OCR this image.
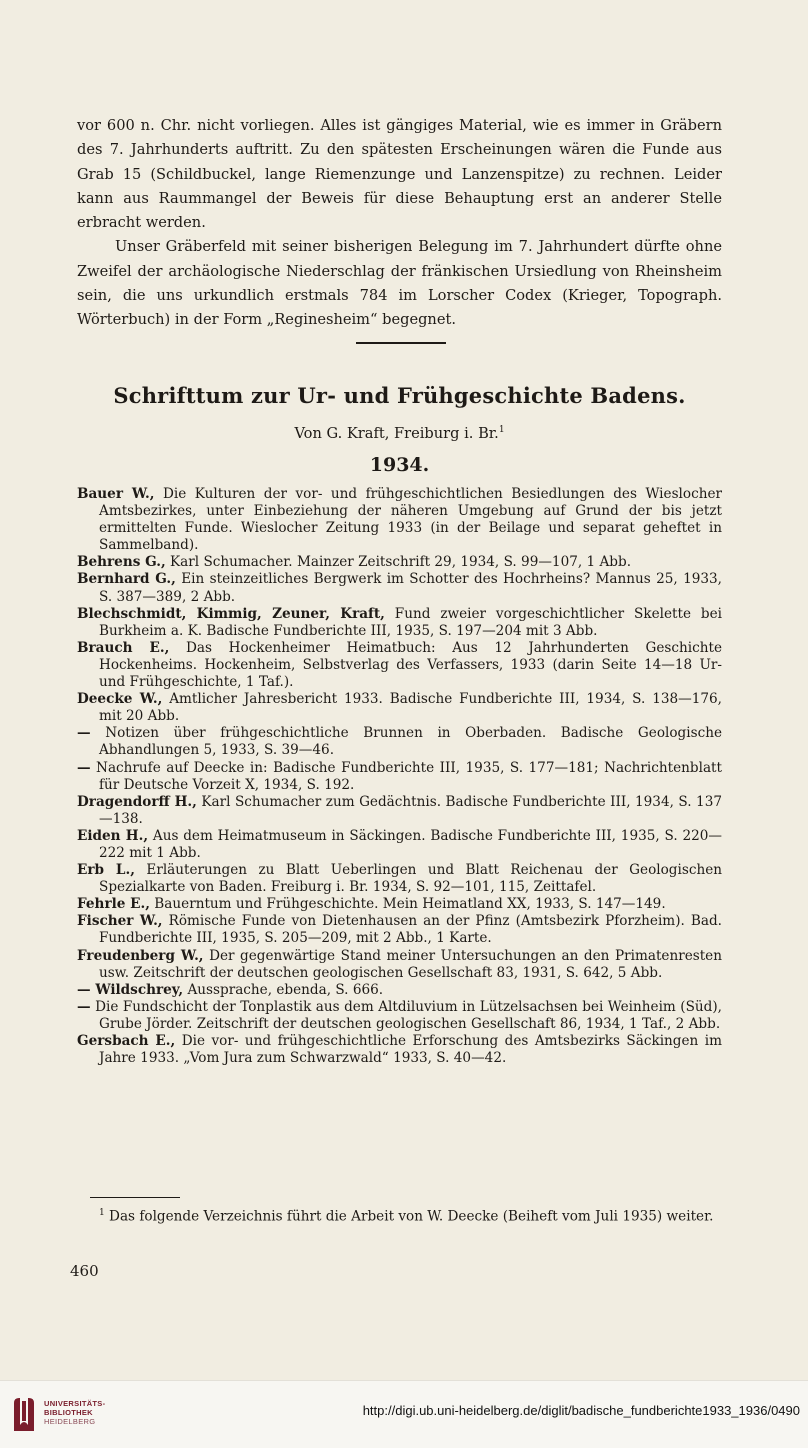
vor 600 n. Chr. nicht vorliegen. Alles ist gängiges Material, wie es immer in Gräbern des 7. Jahrhunderts auftritt. Zu den spätesten Erscheinungen wären die Funde aus Grab 15 (Schildbuckel, lange Riemenzunge und Lanzenspitze) zu rechnen. Leider kann aus Raummangel der Beweis für diese Behauptung erst an anderer Stelle erbracht werden.

Unser Gräberfeld mit seiner bisherigen Belegung im 7. Jahrhundert dürfte ohne Zweifel der archäologische Niederschlag der fränkischen Ursiedlung von Rheinsheim sein, die uns urkundlich erstmals 784 im Lorscher Codex (Krieger, Topograph. Wörterbuch) in der Form „Reginesheim“ begegnet.

Schrifttum zur Ur- und Frühgeschichte Badens.
Von G. Kraft, Freiburg i. Br.$^1$
1934.

Bauer W., Die Kulturen der vor- und frühgeschichtlichen Besiedlungen des Wieslocher Amtsbezirkes, unter Einbeziehung der näheren Umgebung auf Grund der bis jetzt ermittelten Funde. Wieslocher Zeitung 1933 (in der Beilage und separat geheftet in Sammelband).

Behrens G., Karl Schumacher. Mainzer Zeitschrift 29, 1934, S. 99—107, 1 Abb.

Bernhard G., Ein steinzeitliches Bergwerk im Schotter des Hochrheins? Mannus 25, 1933, S. 387—389, 2 Abb.

Blechschmidt, Kimmig, Zeuner, Kraft, Fund zweier vorgeschichtlicher Skelette bei Burkheim a. K. Badische Fundberichte III, 1935, S. 197—204 mit 3 Abb.

Brauch E., Das Hockenheimer Heimatbuch: Aus 12 Jahrhunderten Geschichte Hockenheims. Hockenheim, Selbstverlag des Verfassers, 1933 (darin Seite 14—18 Ur- und Frühgeschichte, 1 Taf.).

Deecke W., Amtlicher Jahresbericht 1933. Badische Fundberichte III, 1934, S. 138—176, mit 20 Abb.

— Notizen über frühgeschichtliche Brunnen in Oberbaden. Badische Geologische Abhandlungen 5, 1933, S. 39—46.

— Nachrufe auf Deecke in: Badische Fundberichte III, 1935, S. 177—181; Nachrichtenblatt für Deutsche Vorzeit X, 1934, S. 192.

Dragendorff H., Karl Schumacher zum Gedächtnis. Badische Fundberichte III, 1934, S. 137—138.

Eiden H., Aus dem Heimatmuseum in Säckingen. Badische Fundberichte III, 1935, S. 220—222 mit 1 Abb.

Erb L., Erläuterungen zu Blatt Ueberlingen und Blatt Reichenau der Geologischen Spezialkarte von Baden. Freiburg i. Br. 1934, S. 92—101, 115, Zeittafel.

Fehrle E., Bauerntum und Frühgeschichte. Mein Heimatland XX, 1933, S. 147—149.

Fischer W., Römische Funde von Dietenhausen an der Pfinz (Amtsbezirk Pforzheim). Bad. Fundberichte III, 1935, S. 205—209, mit 2 Abb., 1 Karte.

Freudenberg W., Der gegenwärtige Stand meiner Untersuchungen an den Primatenresten usw. Zeitschrift der deutschen geologischen Gesellschaft 83, 1931, S. 642, 5 Abb.

— Wildschrey, Aussprache, ebenda, S. 666.

— Die Fundschicht der Tonplastik aus dem Altdiluvium in Lützelsachsen bei Weinheim (Süd), Grube Jörder. Zeitschrift der deutschen geologischen Gesellschaft 86, 1934, 1 Taf., 2 Abb.

Gersbach E., Die vor- und frühgeschichtliche Erforschung des Amtsbezirks Säckingen im Jahre 1933. „Vom Jura zum Schwarzwald“ 1933, S. 40—42.

$^1$ Das folgende Verzeichnis führt die Arbeit von W. Deecke (Beiheft vom Juli 1935) weiter.
460
UNIVERSITÄTS-
BIBLIOTHEK
HEIDELBERG
http://digi.ub.uni-heidelberg.de/diglit/badische_fundberichte1933_1936/0490
